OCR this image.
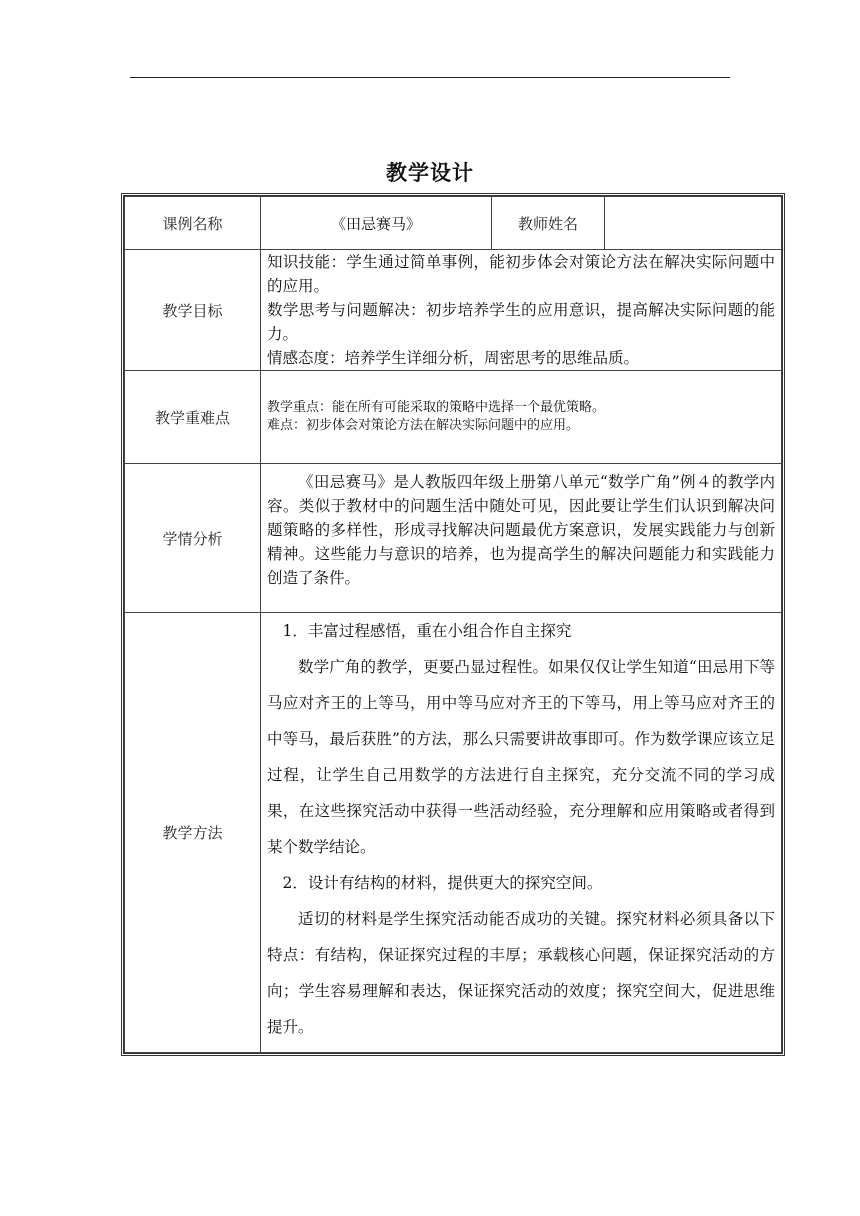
教学设计
课例名称	《田忌赛马》	教师姓名	
教学目标	知识技能：学生通过简单事例，能初步体会对策论方法在解决实际问题中的应用。

数学思考与问题解决：初步培养学生的应用意识，提高解决实际问题的能力。

情感态度：培养学生详细分析，周密思考的思维品质。		

教学重难点	教学重点：能在所有可能采取的策略中选择一个最优策略。

难点：初步体会对策论方法在解决实际问题中的应用。		

学情分析	《田忌赛马》是人教版四年级上册第八单元“数学广角”例４的教学内容。类似于教材中的问题生活中随处可见，因此要让学生们认识到解决问题策略的多样性，形成寻找解决问题最优方案意识，发展实践能力与创新精神。这些能力与意识的培养，也为提高学生的解决问题能力和实践能力创造了条件。		

教学方法	1．丰富过程感悟，重在小组合作自主探究

数学广角的教学，更要凸显过程性。如果仅仅让学生知道“田忌用下等马应对齐王的上等马，用中等马应对齐王的下等马，用上等马应对齐王的中等马，最后获胜”的方法，那么只需要讲故事即可。作为数学课应该立足过程，让学生自己用数学的方法进行自主探究，充分交流不同的学习成果，在这些探究活动中获得一些活动经验，充分理解和应用策略或者得到某个数学结论。

2．设计有结构的材料，提供更大的探究空间。

适切的材料是学生探究活动能否成功的关键。探究材料必须具备以下特点：有结构，保证探究过程的丰厚；承载核心问题，保证探究活动的方向；学生容易理解和表达，保证探究活动的效度；探究空间大，促进思维提升。		
